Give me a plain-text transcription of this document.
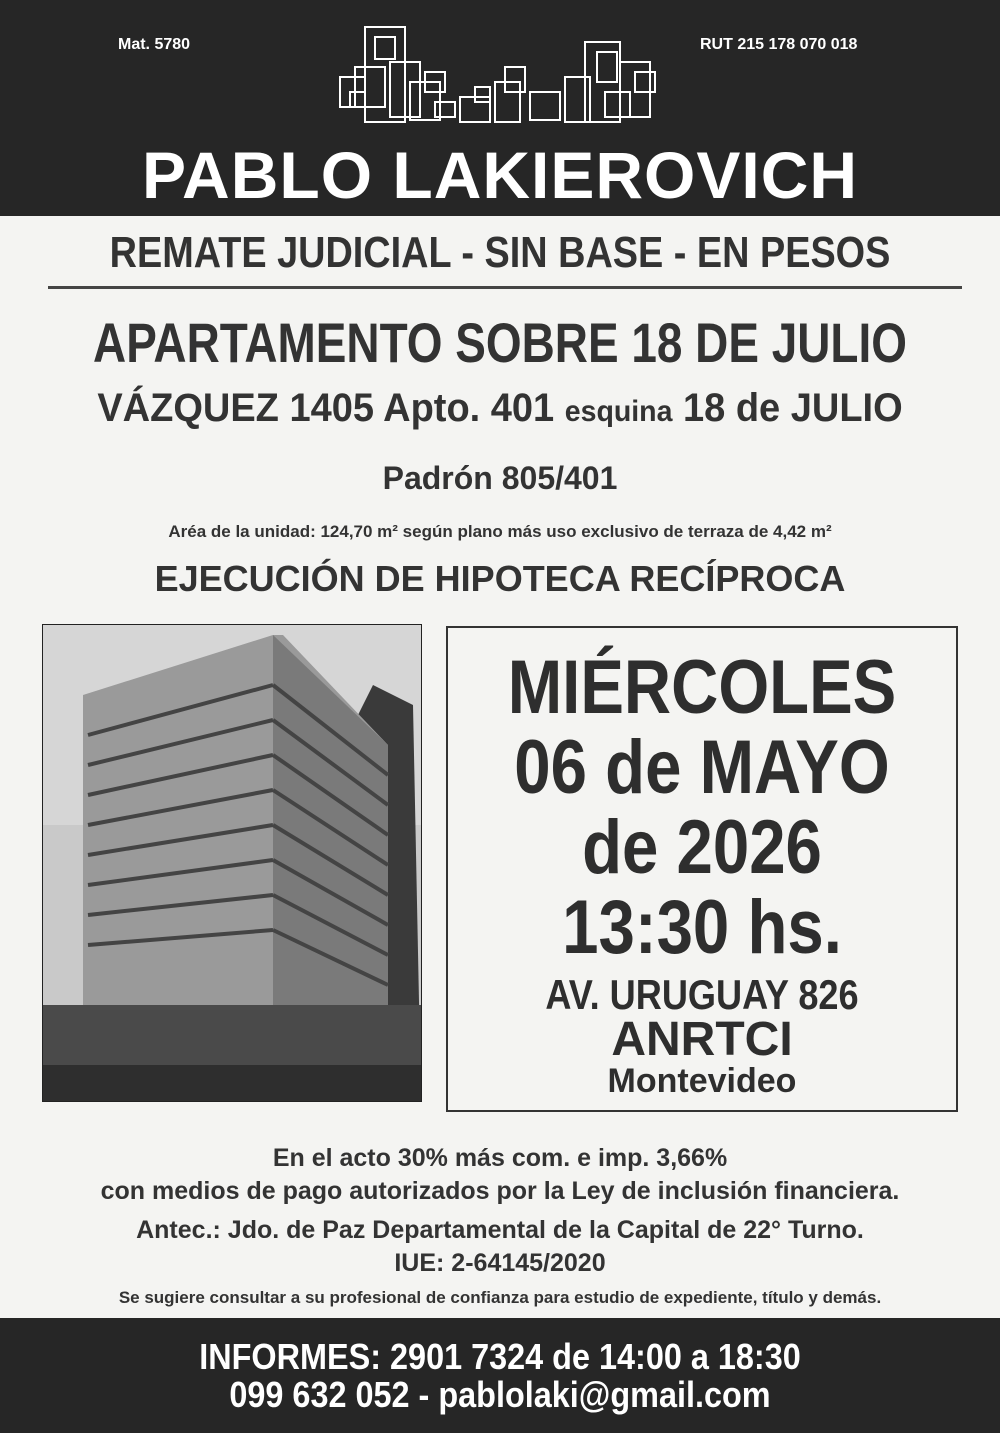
Mat. 5780	RUT 215 178 070 018
PABLO LAKIEROVICH
REMATE JUDICIAL - SIN BASE - EN PESOS
APARTAMENTO SOBRE 18 DE JULIO
VÁZQUEZ 1405 Apto. 401 esquina 18 de JULIO
Padrón 805/401
Aréa de la unidad: 124,70 m² según plano más uso exclusivo de terraza de 4,42 m²
EJECUCIÓN DE HIPOTECA RECÍPROCA
MIÉRCOLES
06 de MAYO
de 2026
13:30 hs.
AV. URUGUAY 826
ANRTCI
Montevideo
En el acto 30% más com. e imp. 3,66%
con medios de pago autorizados por la Ley de inclusión financiera.
Antec.: Jdo. de Paz Departamental de la Capital de 22° Turno.
IUE: 2-64145/2020
Se sugiere consultar a su profesional de confianza para estudio de expediente, título y demás.
INFORMES: 2901 7324 de 14:00 a 18:30
099 632 052 - pablolaki@gmail.com
